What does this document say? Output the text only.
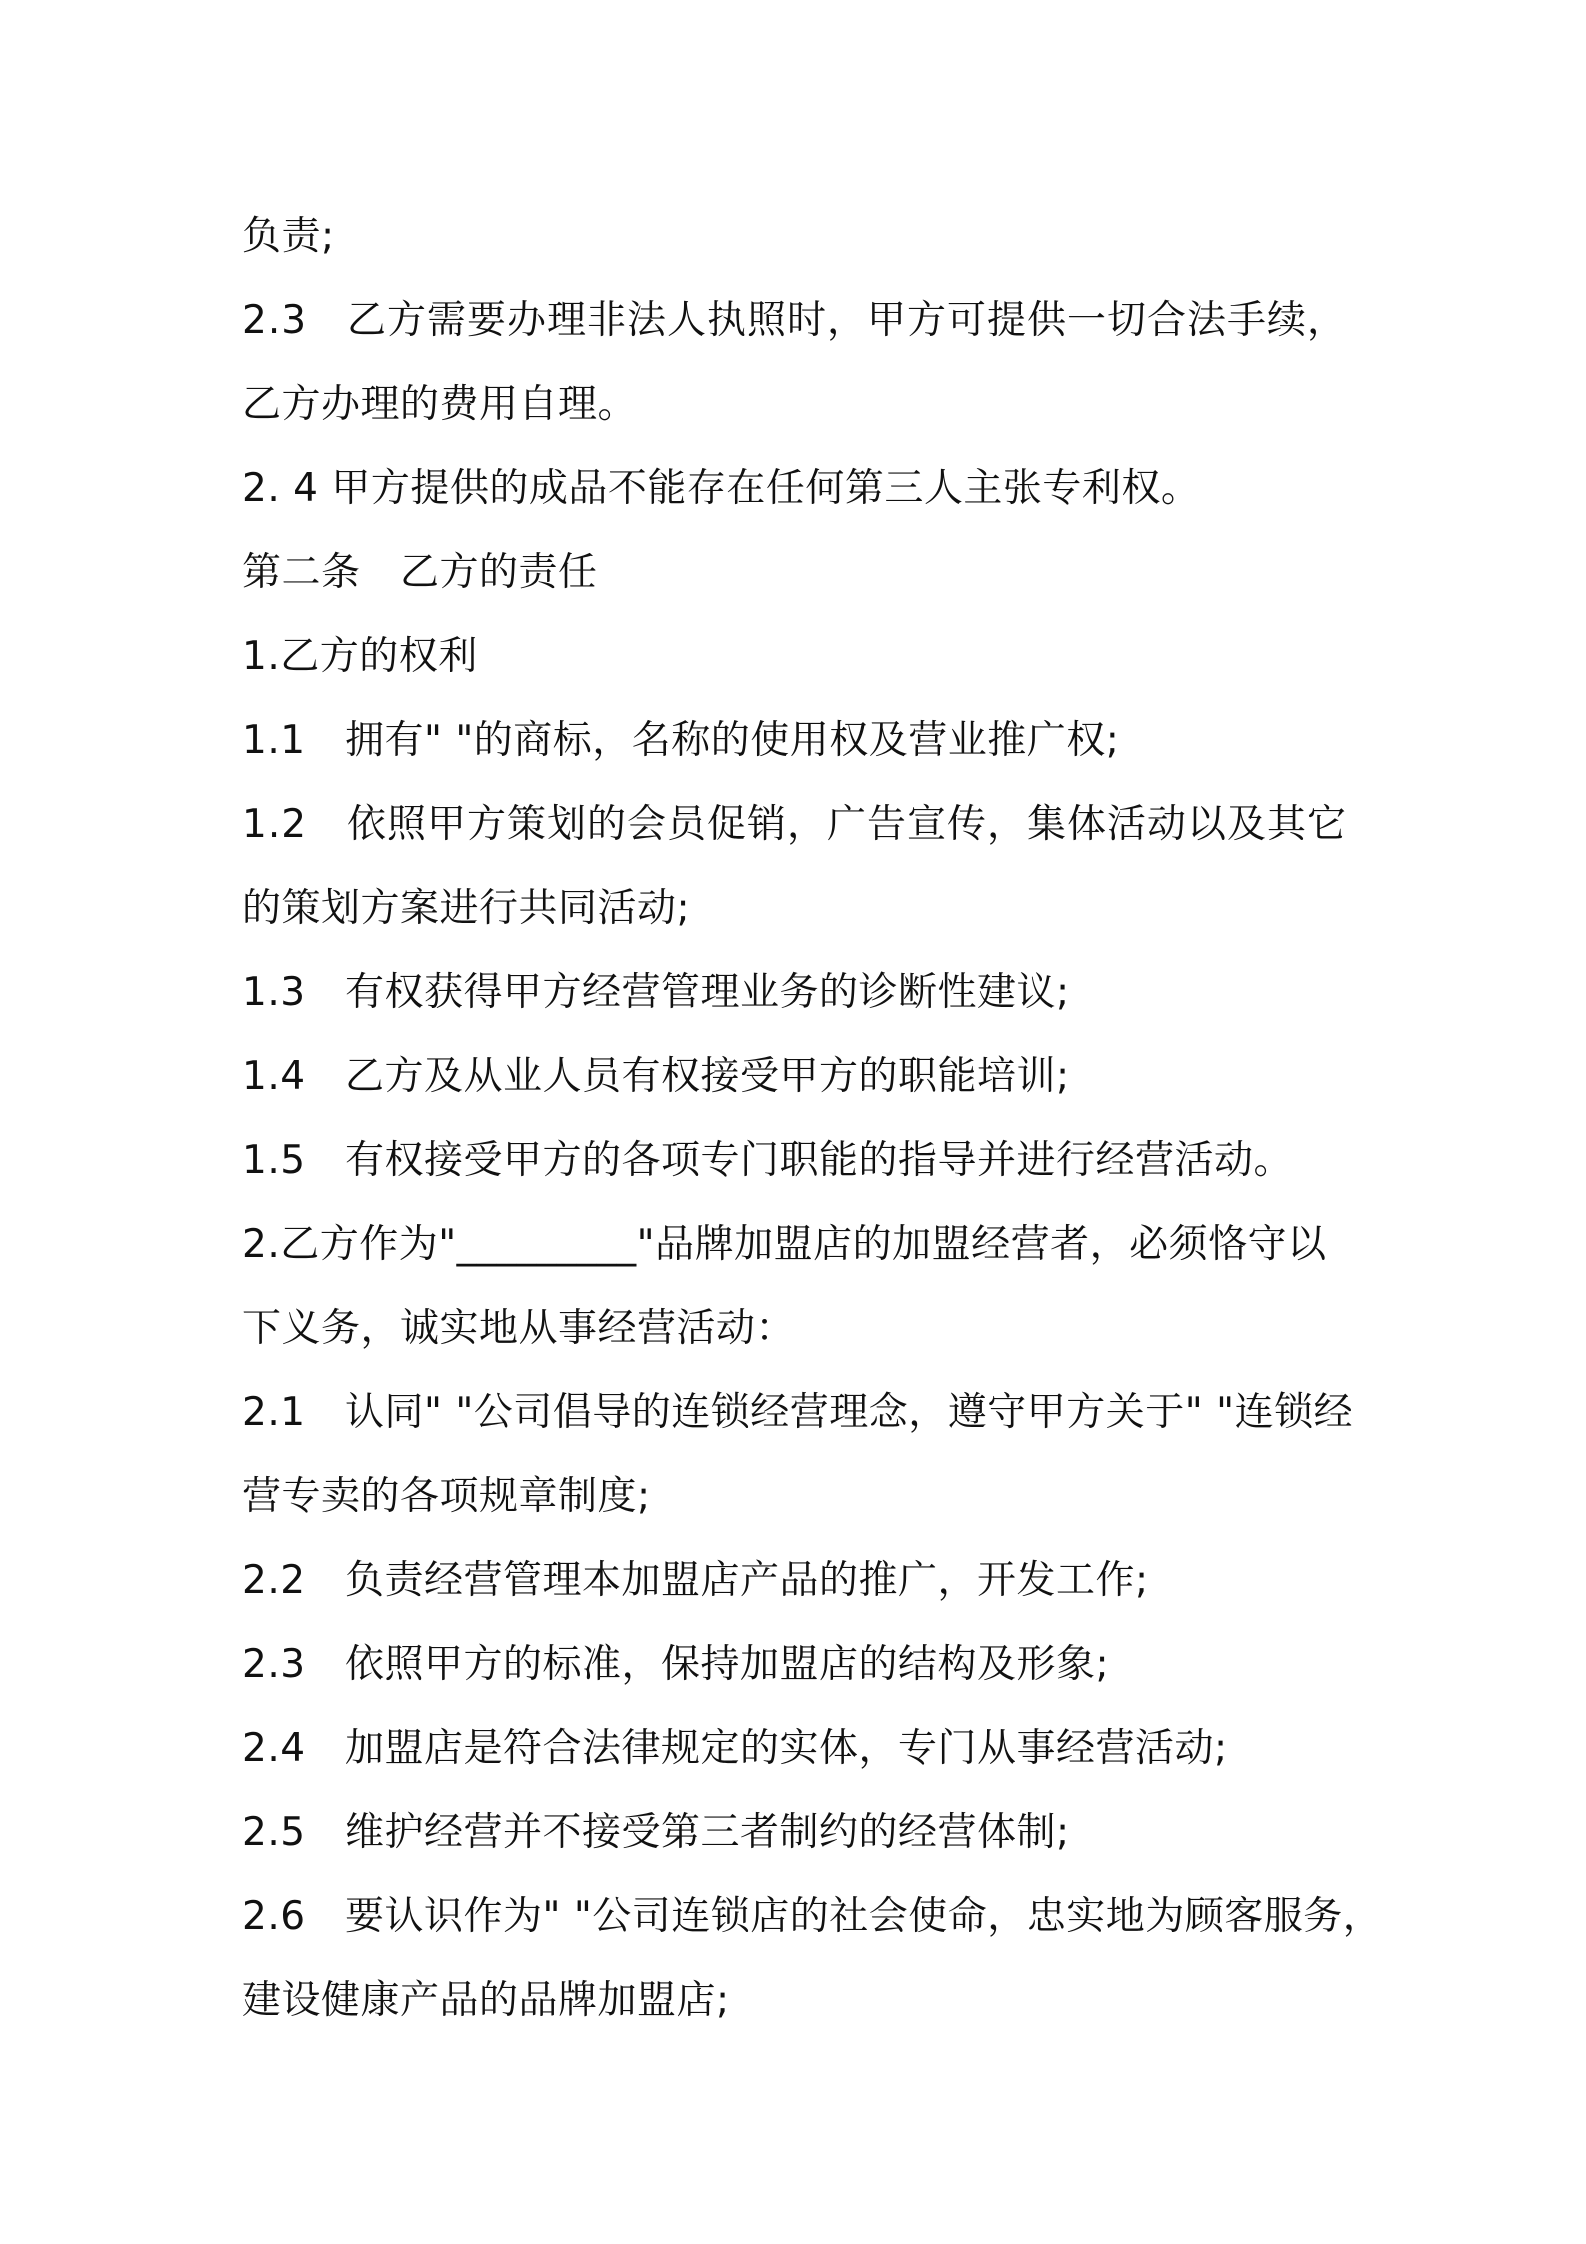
负责;
2.3　乙方需要办理非法人执照时，甲方可提供一切合法手续，
乙方办理的费用自理。
2. 4 甲方提供的成品不能存在任何第三人主张专利权。
第二条　乙方的责任
1.乙方的权利
1.1　拥有" "的商标，名称的使用权及营业推广权;
1.2　依照甲方策划的会员促销，广告宣传，集体活动以及其它
的策划方案进行共同活动;
1.3　有权获得甲方经营管理业务的诊断性建议;
1.4　乙方及从业人员有权接受甲方的职能培训;
1.5　有权接受甲方的各项专门职能的指导并进行经营活动。
2.乙方作为"_________"品牌加盟店的加盟经营者，必须恪守以
下义务，诚实地从事经营活动：
2.1　认同" "公司倡导的连锁经营理念，遵守甲方关于" "连锁经
营专卖的各项规章制度;
2.2　负责经营管理本加盟店产品的推广，开发工作;
2.3　依照甲方的标准，保持加盟店的结构及形象;
2.4　加盟店是符合法律规定的实体，专门从事经营活动;
2.5　维护经营并不接受第三者制约的经营体制;
2.6　要认识作为" "公司连锁店的社会使命，忠实地为顾客服务，
建设健康产品的品牌加盟店;
